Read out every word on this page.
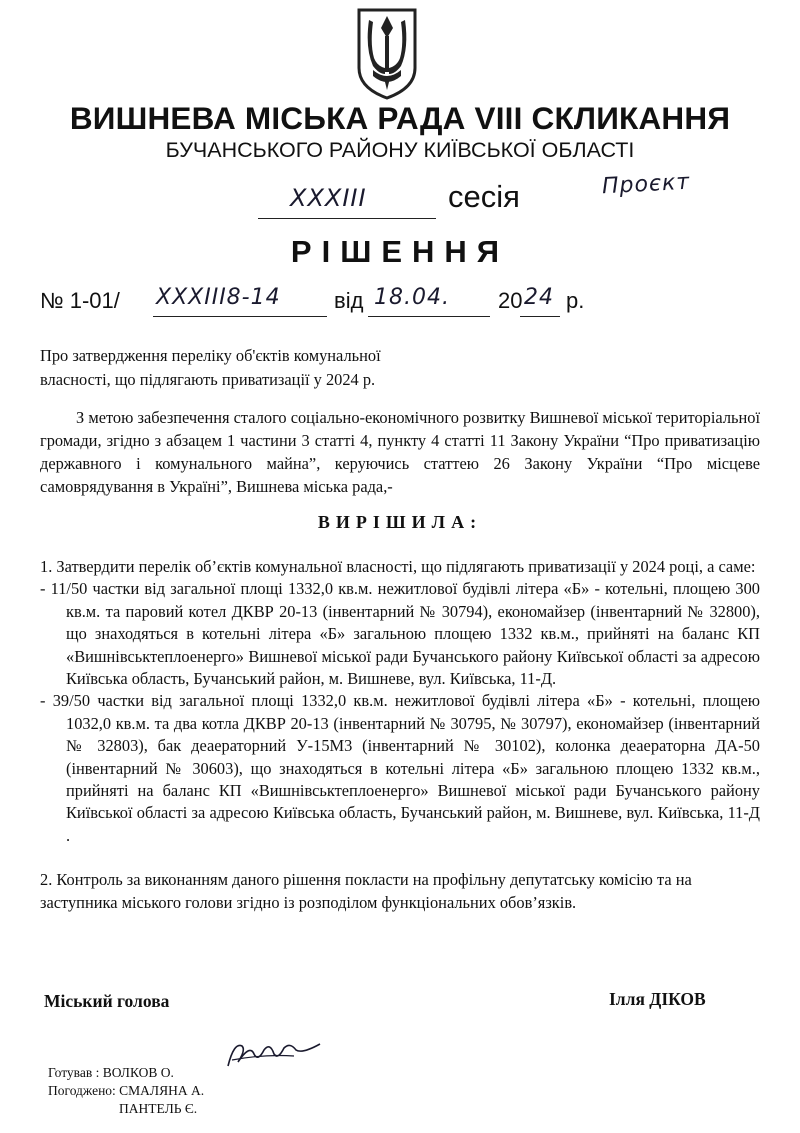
ВИШНЕВА МІСЬКА РАДА VIII СКЛИКАННЯ
БУЧАНСЬКОГО РАЙОНУ КИЇВСЬКОЇ ОБЛАСТІ
XXXIII	сесія	Проєкт
РІШЕННЯ
№ 1-01/ XXXIII8-14 від 18.04. 20 24 р.
Про затвердження переліку об'єктів комунальної
власності, що підлягають приватизації у 2024 р.
З метою забезпечення сталого соціально-економічного розвитку Вишневої міської територіальної громади, згідно з абзацем 1 частини 3 статті 4, пункту 4 статті 11 Закону України “Про приватизацію державного і комунального майна”, керуючись статтею 26 Закону України “Про місцеве самоврядування в Україні”, Вишнева міська рада,-
ВИРІШИЛА:

1. Затвердити перелік об’єктів комунальної власності, що підлягають приватизації у 2024 році, а саме:

- 11/50 частки від загальної площі 1332,0 кв.м. нежитлової будівлі літера «Б» - котельні, площею 300 кв.м. та паровий котел ДКВР 20-13 (інвентарний № 30794), економайзер (інвентарний № 32800), що знаходяться в котельні літера «Б» загальною площею 1332 кв.м., прийняті на баланс КП «Вишнівськтеплоенерго» Вишневої міської ради Бучанського району Київської області за адресою Київська область, Бучанський район, м. Вишневе, вул. Київська, 11-Д.

- 39/50 частки від загальної площі 1332,0 кв.м. нежитлової будівлі літера «Б» - котельні, площею 1032,0 кв.м. та два котла ДКВР 20-13 (інвентарний № 30795, № 30797), економайзер (інвентарний № 32803), бак деаераторний У-15М3 (інвентарний № 30102), колонка деаераторна ДА-50 (інвентарний № 30603), що знаходяться в котельні літера «Б» загальною площею 1332 кв.м., прийняті на баланс КП «Вишнівськтеплоенерго» Вишневої міської ради Бучанського району Київської області за адресою Київська область, Бучанський район, м. Вишневе, вул. Київська, 11-Д .

2. Контроль за виконанням даного рішення покласти на профільну депутатську комісію та на заступника міського голови згідно із розподілом функціональних обов’язків.

Міський голова	Ілля ДІКОВ
Готував : ВОЛКОВ О.
Погоджено: СМАЛЯНА А.
ПАНТЕЛЬ Є.
